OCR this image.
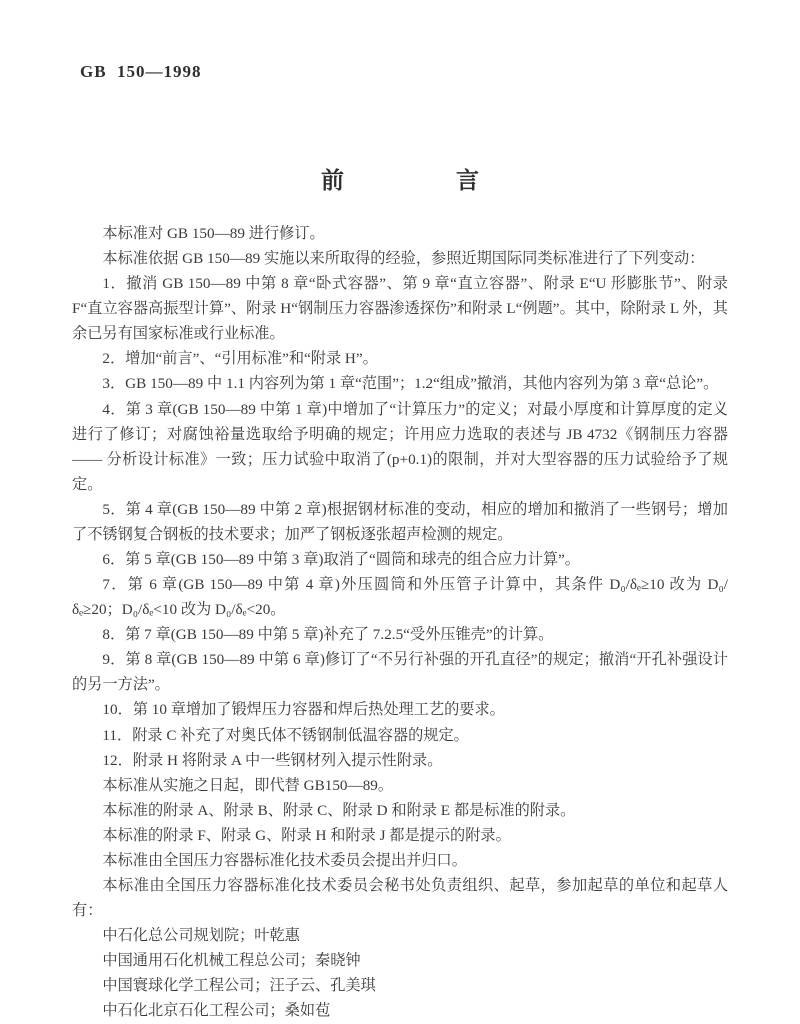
GB  150—1998
前　　言

本标准对 GB 150—89 进行修订。

本标准依据 GB 150—89 实施以来所取得的经验，参照近期国际同类标准进行了下列变动：

1．撤消 GB 150—89 中第 8 章“卧式容器”、第 9 章“直立容器”、附录 E“U 形膨胀节”、附录 F“直立容器高振型计算”、附录 H“钢制压力容器渗透探伤”和附录 L“例题”。其中，除附录 L 外，其余已另有国家标准或行业标准。

2．增加“前言”、“引用标准”和“附录 H”。

3．GB 150—89 中 1.1 内容列为第 1 章“范围”；1.2“组成”撤消，其他内容列为第 3 章“总论”。

4．第 3 章(GB 150—89 中第 1 章)中增加了“计算压力”的定义；对最小厚度和计算厚度的定义进行了修订；对腐蚀裕量选取给予明确的规定；许用应力选取的表述与 JB 4732《钢制压力容器 —— 分析设计标准》一致；压力试验中取消了(p+0.1)的限制，并对大型容器的压力试验给予了规定。

5．第 4 章(GB 150—89 中第 2 章)根据钢材标准的变动，相应的增加和撤消了一些钢号；增加了不锈钢复合钢板的技术要求；加严了钢板逐张超声检测的规定。

6．第 5 章(GB 150—89 中第 3 章)取消了“圆筒和球壳的组合应力计算”。

7．第 6 章(GB 150—89 中第 4 章)外压圆筒和外压管子计算中，其条件 D₀/δₑ≥10 改为 D₀/δₑ≥20；D₀/δₑ<10 改为 D₀/δₑ<20。

8．第 7 章(GB 150—89 中第 5 章)补充了 7.2.5“受外压锥壳”的计算。

9．第 8 章(GB 150—89 中第 6 章)修订了“不另行补强的开孔直径”的规定；撤消“开孔补强设计的另一方法”。

10．第 10 章增加了锻焊压力容器和焊后热处理工艺的要求。

11．附录 C 补充了对奥氏体不锈钢制低温容器的规定。

12．附录 H 将附录 A 中一些钢材列入提示性附录。

本标准从实施之日起，即代替 GB150—89。

本标准的附录 A、附录 B、附录 C、附录 D 和附录 E 都是标准的附录。

本标准的附录 F、附录 G、附录 H 和附录 J 都是提示的附录。

本标准由全国压力容器标准化技术委员会提出并归口。

本标准由全国压力容器标准化技术委员会秘书处负责组织、起草，参加起草的单位和起草人有：

中石化总公司规划院；叶乾惠

中国通用石化机械工程总公司；秦晓钟

中国寰球化学工程公司；汪子云、孔美琪

中石化北京石化工程公司；桑如苞
